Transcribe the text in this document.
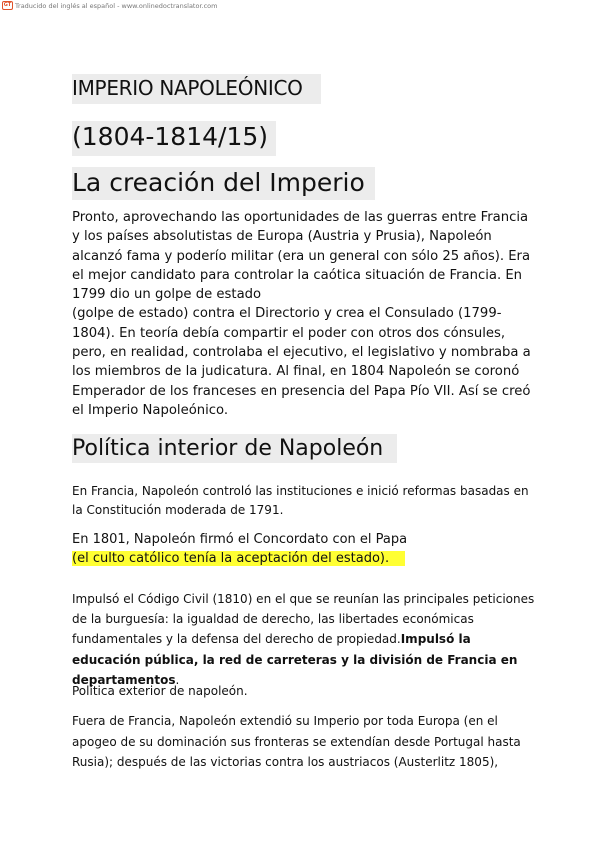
GT Traducido del inglés al español - www.onlinedoctranslator.com
IMPERIO NAPOLEÓNICO
(1804-1814/15)
La creación del Imperio
Pronto, aprovechando las oportunidades de las guerras entre Francia y los países absolutistas de Europa (Austria y Prusia), Napoleón alcanzó fama y poderío militar (era un general con sólo 25 años). Era el mejor candidato para controlar la caótica situación de Francia. En 1799 dio un golpe de estado
(golpe de estado) contra el Directorio y crea el Consulado (1799-1804). En teoría debía compartir el poder con otros dos cónsules, pero, en realidad, controlaba el ejecutivo, el legislativo y nombraba a los miembros de la judicatura. Al final, en 1804 Napoleón se coronó Emperador de los franceses en presencia del Papa Pío VII. Así se creó el Imperio Napoleónico.
Política interior de Napoleón
En Francia, Napoleón controló las instituciones e inició reformas basadas en la Constitución moderada de 1791.
En 1801, Napoleón firmó el Concordato con el Papa
(el culto católico tenía la aceptación del estado).
Impulsó el Código Civil (1810) en el que se reunían las principales peticiones de la burguesía: la igualdad de derecho, las libertades económicas fundamentales y la defensa del derecho de propiedad.Impulsó la educación pública, la red de carreteras y la división de Francia en departamentos.
Política exterior de napoleón.
Fuera de Francia, Napoleón extendió su Imperio por toda Europa (en el apogeo de su dominación sus fronteras se extendían desde Portugal hasta Rusia); después de las victorias contra los austriacos (Austerlitz 1805),
